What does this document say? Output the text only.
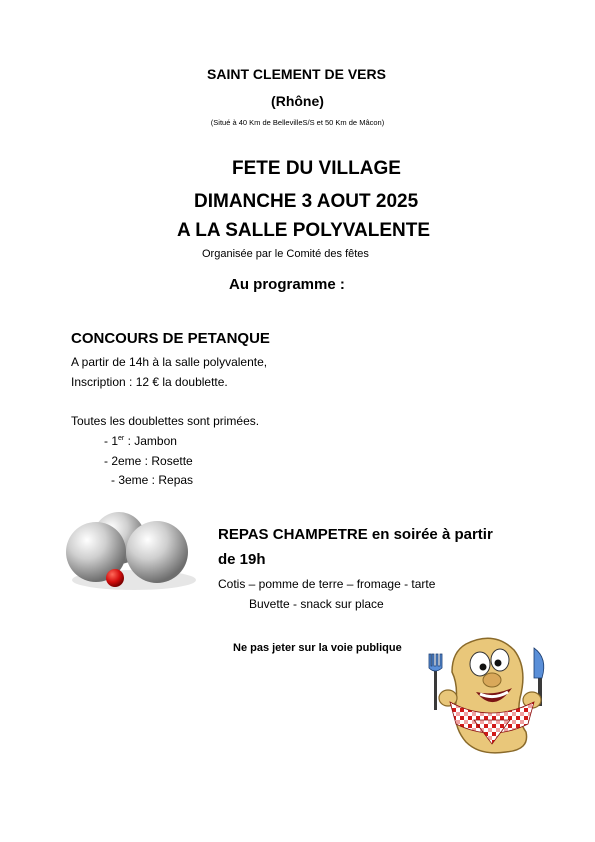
SAINT CLEMENT DE VERS
(Rhône)
(Situé à 40 Km de BellevilleS/S et 50 Km de Mâcon)
FETE DU VILLAGE
DIMANCHE 3 AOUT 2025
A LA SALLE POLYVALENTE
Organisée par le Comité des fêtes
Au programme :
CONCOURS DE PETANQUE
A partir de 14h à la salle polyvalente,
Inscription : 12 € la doublette.
Toutes les doublettes sont primées.
- 1er : Jambon
- 2eme : Rosette
- 3eme : Repas
REPAS CHAMPETRE en soirée à partir
de 19h
Cotis – pomme de terre – fromage - tarte
Buvette - snack sur place
Ne pas jeter sur la voie publique
